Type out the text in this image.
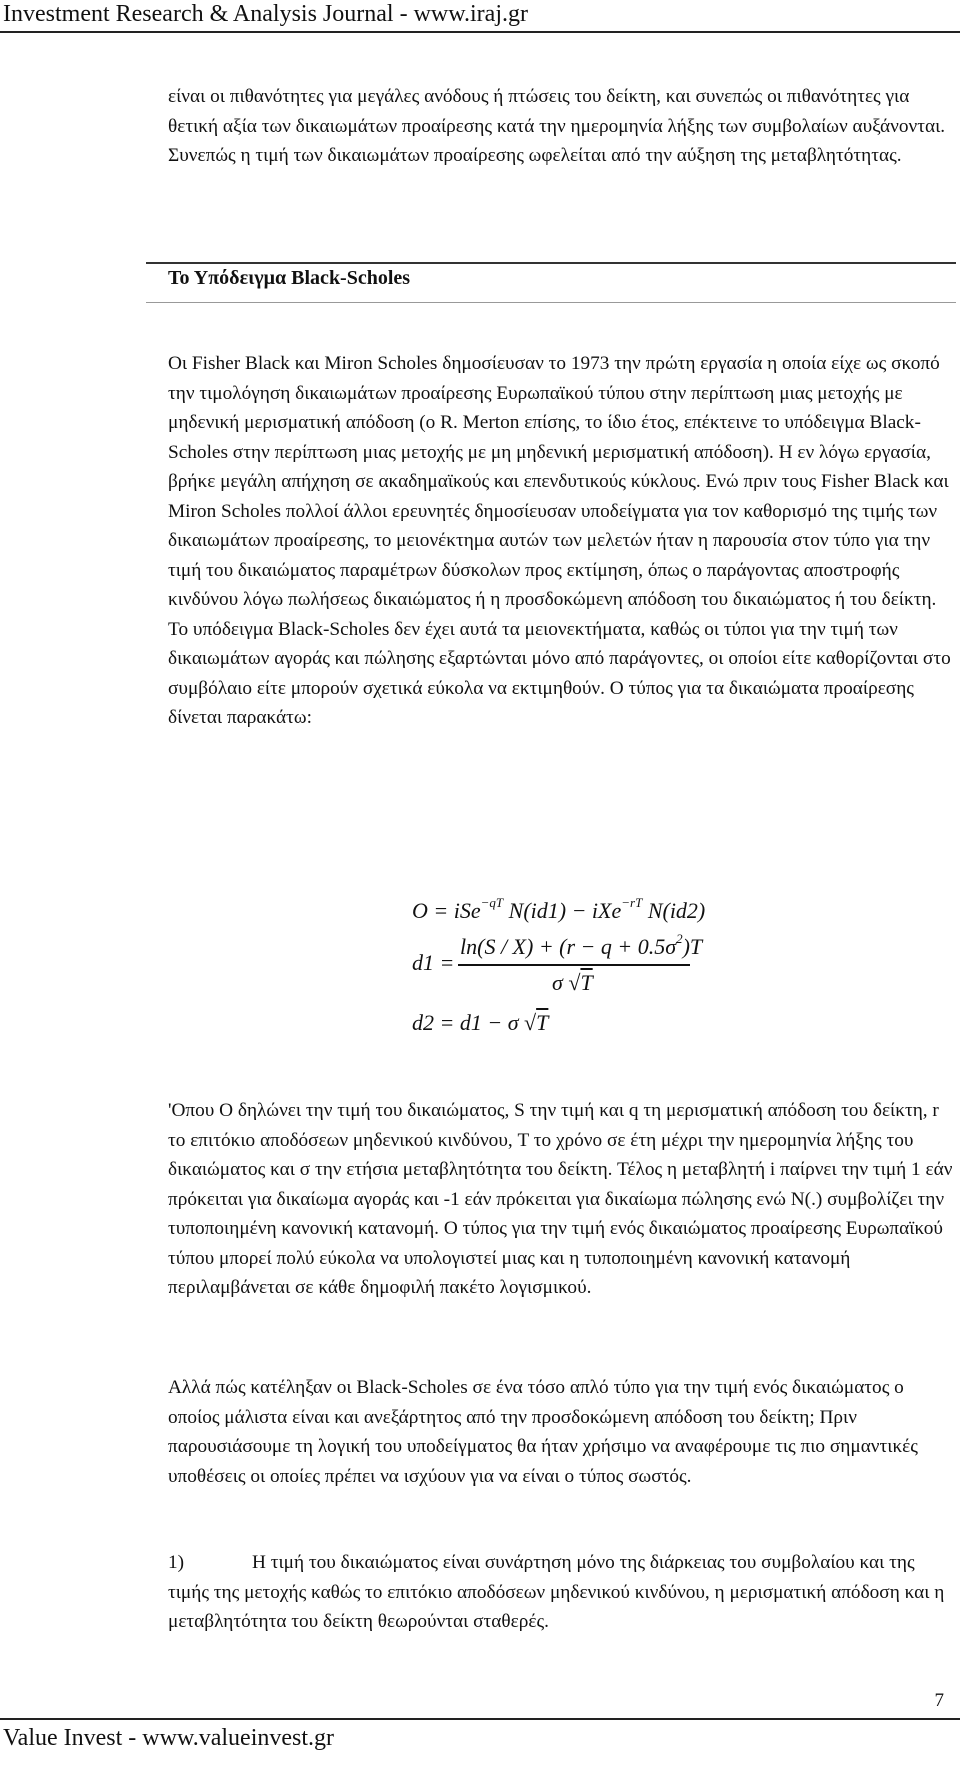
Investment Research & Analysis Journal - www.iraj.gr

είναι οι πιθανότητες για μεγάλες ανόδους ή πτώσεις του δείκτη, και συνεπώς οι πιθανότητες για θετική αξία των δικαιωμάτων προαίρεσης κατά την ημερομηνία λήξης των συμβολαίων αυξάνονται. Συνεπώς η τιμή των δικαιωμάτων προαίρεσης ωφελείται από την αύξηση της μεταβλητότητας.

Το Υπόδειγμα Black-Scholes

Οι Fisher Black και Miron Scholes δημοσίευσαν το 1973 την πρώτη εργασία η οποία είχε ως σκοπό την τιμολόγηση δικαιωμάτων προαίρεσης Ευρωπαϊκού τύπου στην περίπτωση μιας μετοχής με μηδενική μερισματική απόδοση (ο R. Merton επίσης, το ίδιο έτος, επέκτεινε το υπόδειγμα Black-Scholes στην περίπτωση μιας μετοχής με μη μηδενική μερισματική απόδοση). Η εν λόγω εργασία, βρήκε μεγάλη απήχηση σε ακαδημαϊκούς και επενδυτικούς κύκλους. Ενώ πριν τους Fisher Black και Miron Scholes πολλοί άλλοι ερευνητές δημοσίευσαν υποδείγματα για τον καθορισμό της τιμής των δικαιωμάτων προαίρεσης, το μειονέκτημα αυτών των μελετών ήταν η παρουσία στον τύπο για την τιμή του δικαιώματος παραμέτρων δύσκολων προς εκτίμηση, όπως ο παράγοντας αποστροφής κινδύνου λόγω πωλήσεως δικαιώματος ή η προσδοκώμενη απόδοση του δικαιώματος ή του δείκτη. Το υπόδειγμα Black-Scholes δεν έχει αυτά τα μειονεκτήματα, καθώς οι τύποι για την τιμή των δικαιωμάτων αγοράς και πώλησης εξαρτώνται μόνο από παράγοντες, οι οποίοι είτε καθορίζονται στο συμβόλαιο είτε μπορούν σχετικά εύκολα να εκτιμηθούν. Ο τύπος για τα δικαιώματα προαίρεσης δίνεται παρακάτω:

O = iSe$^{-qT}$ N(id1) − iXe$^{-rT}$ N(id2)
d1 =
$\ln(S / X) + (r - q + 0.5\sigma^2)T$
σ √T
d2 = d1 − σ √T

'Οπου O δηλώνει την τιμή του δικαιώματος, S την τιμή και q τη μερισματική απόδοση του δείκτη, r το επιτόκιο αποδόσεων μηδενικού κινδύνου, T το χρόνο σε έτη μέχρι την ημερομηνία λήξης του δικαιώματος και σ την ετήσια μεταβλητότητα του δείκτη. Τέλος η μεταβλητή i παίρνει την τιμή 1 εάν πρόκειται για δικαίωμα αγοράς και -1 εάν πρόκειται για δικαίωμα πώλησης ενώ N(.) συμβολίζει την τυποποιημένη κανονική κατανομή. Ο τύπος για την τιμή ενός δικαιώματος προαίρεσης Ευρωπαϊκού τύπου μπορεί πολύ εύκολα να υπολογιστεί μιας και η τυποποιημένη κανονική κατανομή περιλαμβάνεται σε κάθε δημοφιλή πακέτο λογισμικού.

Αλλά πώς κατέληξαν οι Black-Scholes σε ένα τόσο απλό τύπο για την τιμή ενός δικαιώματος ο οποίος μάλιστα είναι και ανεξάρτητος από την προσδοκώμενη απόδοση του δείκτη; Πριν παρουσιάσουμε τη λογική του υποδείγματος θα ήταν χρήσιμο να αναφέρουμε τις πιο σημαντικές υποθέσεις οι οποίες πρέπει να ισχύουν για να είναι ο τύπος σωστός.

1)	Η τιμή του δικαιώματος είναι συνάρτηση μόνο της διάρκειας του συμβολαίου και της τιμής της μετοχής καθώς το επιτόκιο αποδόσεων μηδενικού κινδύνου, η μερισματική απόδοση και η μεταβλητότητα του δείκτη θεωρούνται σταθερές.
7
Value Invest - www.valueinvest.gr
